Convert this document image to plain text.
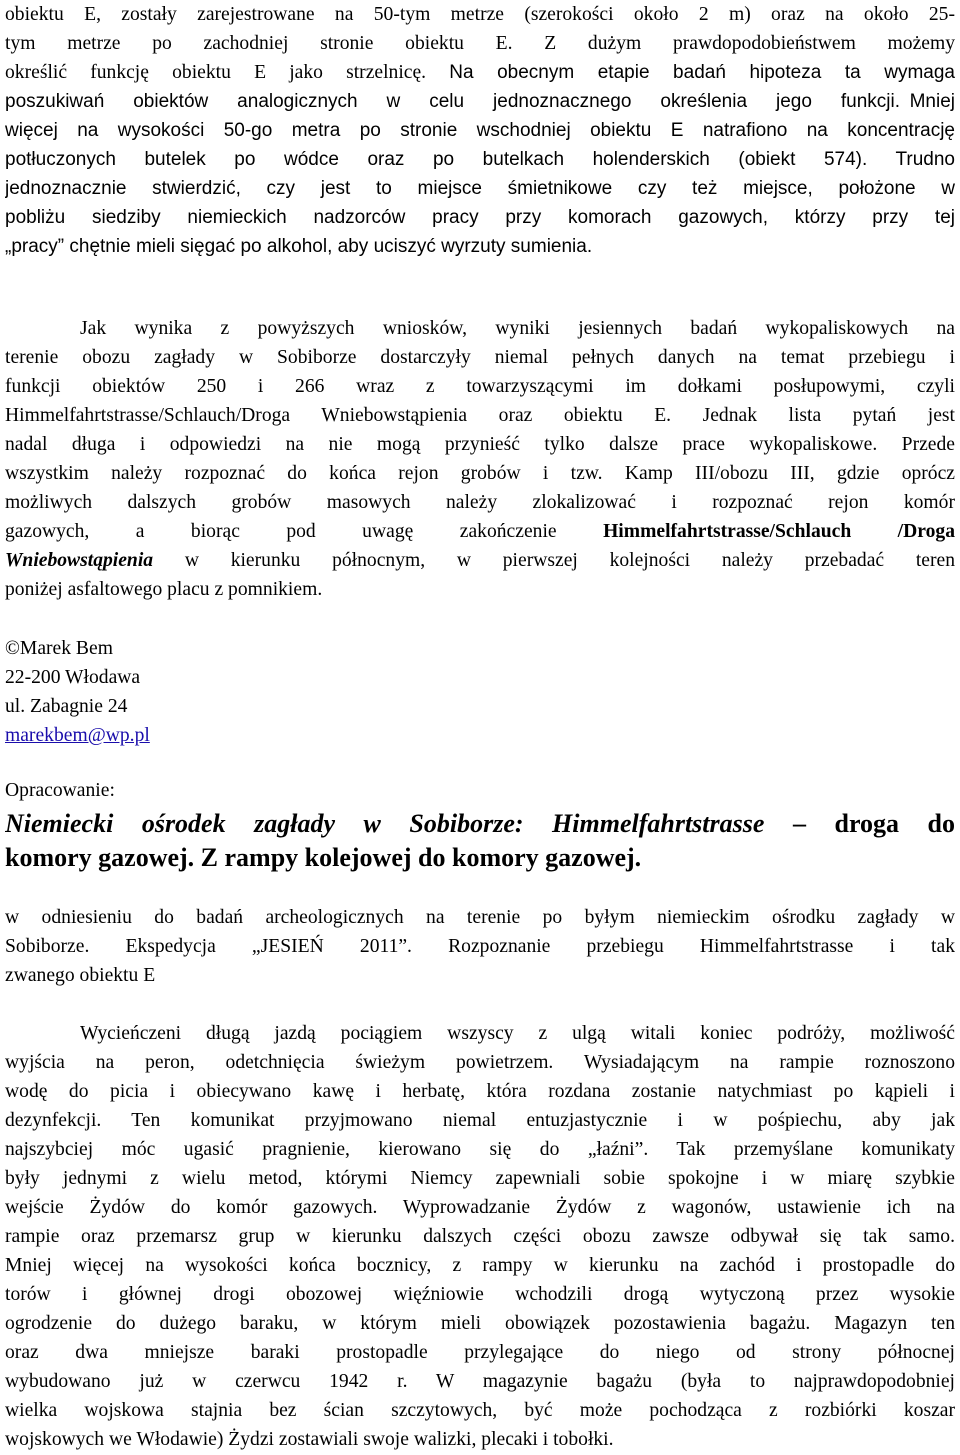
obiektu E, zostały zarejestrowane na 50-tym metrze (szerokości około 2 m) oraz na około 25-
tym metrze po zachodniej stronie obiektu E. Z dużym prawdopodobieństwem możemy
określić funkcję obiektu E jako strzelnicę. Na obecnym etapie badań hipoteza ta wymaga
poszukiwań obiektów analogicznych w celu jednoznacznego określenia jego funkcji.
więcej na wysokości 50-go metra po stronie wschodniej obiektu E natrafiono na koncentrację
potłuczonych butelek po wódce oraz po butelkach holenderskich (obiekt 574). Trudno
jednoznacznie stwierdzić, czy jest to miejsce śmietnikowe czy też miejsce, położone w
pobliżu siedziby niemieckich nadzorców pracy przy komorach gazowych, którzy przy tej
„pracy” chętnie mieli sięgać po alkohol, aby uciszyć wyrzuty sumienia.
Mniej
Jak wynika z powyższych wniosków, wyniki jesiennych badań wykopaliskowych na
terenie obozu zagłady w Sobiborze dostarczyły niemal pełnych danych na temat przebiegu i
funkcji obiektów 250 i 266 wraz z towarzyszącymi im dołkami posłupowymi, czyli
Himmelfahrtstrasse/Schlauch/Droga Wniebowstąpienia oraz obiektu E. Jednak lista pytań jest
nadal długa i odpowiedzi na nie mogą przynieść tylko dalsze prace wykopaliskowe. Przede
wszystkim należy rozpoznać do końca rejon grobów i tzw. Kamp III/obozu III, gdzie oprócz
możliwych dalszych grobów masowych należy zlokalizować i rozpoznać rejon komór
gazowych, a biorąc pod uwagę zakończenie Himmelfahrtstrasse/Schlauch /Droga
Wniebowstąpienia w kierunku północnym, w pierwszej kolejności należy przebadać teren
poniżej asfaltowego placu z pomnikiem.
©Marek Bem
22-200 Włodawa
ul. Zabagnie 24
marekbem@wp.pl
Opracowanie:
Niemiecki ośrodek zagłady w Sobiborze: Himmelfahrtstrasse – droga do
komory gazowej. Z rampy kolejowej do komory gazowej.
w odniesieniu do badań archeologicznych na terenie po byłym niemieckim ośrodku zagłady w
Sobiborze. Ekspedycja „JESIEŃ 2011”. Rozpoznanie przebiegu Himmelfahrtstrasse i tak
zwanego obiektu E
Wycieńczeni długą jazdą pociągiem wszyscy z ulgą witali koniec podróży, możliwość
wyjścia na peron, odetchnięcia świeżym powietrzem. Wysiadającym na rampie roznoszono
wodę do picia i obiecywano kawę i herbatę, która rozdana zostanie natychmiast po kąpieli i
dezynfekcji. Ten komunikat przyjmowano niemal entuzjastycznie i w pośpiechu, aby jak
najszybciej móc ugasić pragnienie, kierowano się do „łaźni”. Tak przemyślane komunikaty
były jednymi z wielu metod, którymi Niemcy zapewniali sobie spokojne i w miarę szybkie
wejście Żydów do komór gazowych. Wyprowadzanie Żydów z wagonów, ustawienie ich na
rampie oraz przemarsz grup w kierunku dalszych części obozu zawsze odbywał się tak samo.
Mniej więcej na wysokości końca bocznicy, z rampy w kierunku na zachód i prostopadle do
torów i głównej drogi obozowej więźniowie wchodzili drogą wytyczoną przez wysokie
ogrodzenie do dużego baraku, w którym mieli obowiązek pozostawienia bagażu. Magazyn ten
oraz dwa mniejsze baraki prostopadle przylegające do niego od strony północnej
wybudowano już w czerwcu 1942 r. W magazynie bagażu (była to najprawdopodobniej
wielka wojskowa stajnia bez ścian szczytowych, być może pochodząca z rozbiórki koszar
wojskowych we Włodawie) Żydzi zostawiali swoje walizki, plecaki i tobołki.
